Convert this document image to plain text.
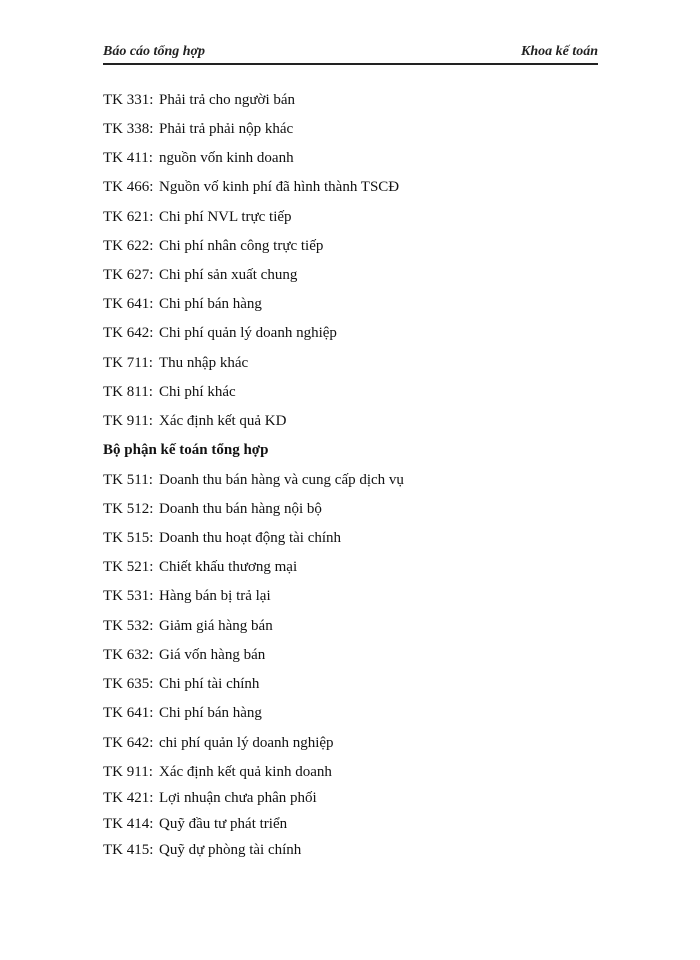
Báo cáo tổng hợp	Khoa kế toán
TK 331: Phải trả cho người bán
TK 338: Phải trả phải nộp khác
TK 411: nguồn vốn kinh doanh
TK 466: Nguồn vố kinh phí đã hình thành TSCĐ
TK 621: Chi phí NVL trực tiếp
TK 622: Chi phí nhân công trực tiếp
TK 627: Chi phí sản xuất chung
TK 641: Chi phí bán hàng
TK 642: Chi phí quản lý doanh nghiệp
TK 711: Thu nhập khác
TK 811: Chi phí khác
TK 911: Xác định kết quả KD
Bộ phận kế toán tổng hợp
TK 511: Doanh thu bán hàng và cung cấp dịch vụ
TK 512: Doanh thu bán hàng nội bộ
TK 515: Doanh thu hoạt động tài chính
TK 521: Chiết khấu thương mại
TK 531: Hàng bán bị trả lại
TK 532: Giảm giá hàng bán
TK 632: Giá vốn hàng bán
TK 635: Chi phí tài chính
TK 641: Chi phí bán hàng
TK 642: chi phí quản lý doanh nghiệp
TK 911: Xác định kết quả kinh doanh
TK 421: Lợi nhuận chưa phân phối
TK 414: Quỹ đầu tư phát triển
TK 415: Quỹ dự phòng tài chính
